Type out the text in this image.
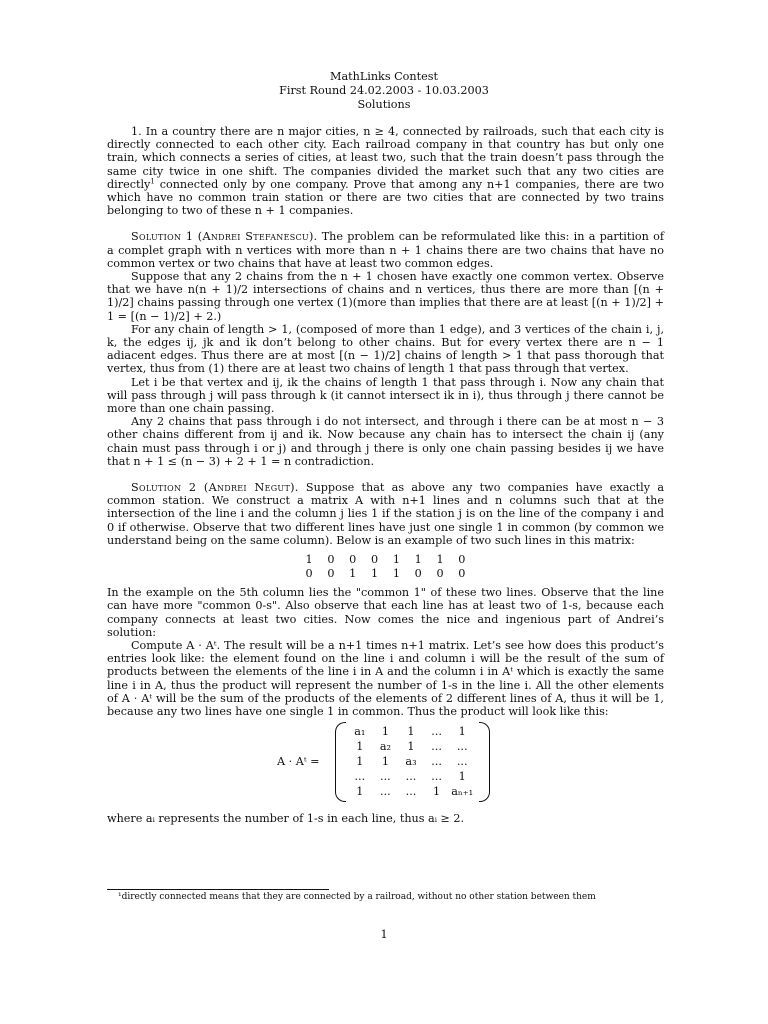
MathLinks Contest
First Round 24.02.2003 - 10.03.2003
Solutions

1. In a country there are n major cities, n ≥ 4, connected by railroads, such that each city is directly connected to each other city. Each railroad company in that country has but only one train, which connects a series of cities, at least two, such that the train doesn’t pass through the same city twice in one shift. The companies divided the market such that any two cities are directly$^1$ connected only by one company. Prove that among any n+1 companies, there are two which have no common train station or there are two cities that are connected by two trains belonging to two of these n + 1 companies.

Solution 1 (Andrei Stefanescu). The problem can be reformulated like this: in a partition of a complet graph with n vertices with more than n + 1 chains there are two chains that have no common vertex or two chains that have at least two common edges.

Suppose that any 2 chains from the n + 1 chosen have exactly one common vertex. Observe that we have n(n + 1)/2 intersections of chains and n vertices, thus there are more than [(n + 1)/2] chains passing through one vertex (1)(more than implies that there are at least [(n + 1)/2] + 1 = [(n − 1)/2] + 2.)

For any chain of length > 1, (composed of more than 1 edge), and 3 vertices of the chain i, j, k, the edges ij, jk and ik don’t belong to other chains. But for every vertex there are n − 1 adiacent edges. Thus there are at most [(n − 1)/2] chains of length > 1 that pass thorough that vertex, thus from (1) there are at least two chains of length 1 that pass through that vertex.

Let i be that vertex and ij, ik the chains of length 1 that pass through i. Now any chain that will pass through j will pass through k (it cannot intersect ik in i), thus through j there cannot be more than one chain passing.

Any 2 chains that pass through i do not intersect, and through i there can be at most n − 3 other chains different from ij and ik. Now because any chain has to intersect the chain ij (any chain must pass through i or j) and through j there is only one chain passing besides ij we have that n + 1 ≤ (n − 3) + 2 + 1 = n contradiction.

Solution 2 (Andrei Negut). Suppose that as above any two companies have exactly a common station. We construct a matrix A with n+1 lines and n columns such that at the intersection of the line i and the column j lies 1 if the station j is on the line of the company i and 0 if otherwise. Observe that two different lines have just one single 1 in common (by common we understand being on the same column). Below is an example of two such lines in this matrix:

1 0 0 0 1 1 1 0
0 0 1 1 1 0 0 0

In the example on the 5th column lies the "common 1" of these two lines. Observe that the line can have more "common 0-s". Also observe that each line has at least two of 1-s, because each company connects at least two cities. Now comes the nice and ingenious part of Andrei’s solution:

Compute A · Aᵗ. The result will be a n+1 times n+1 matrix. Let’s see how does this product’s entries look like: the element found on the line i and column i will be the result of the sum of products between the elements of the line i in A and the column i in Aᵗ which is exactly the same line i in A, thus the product will represent the number of 1-s in the line i. All the other elements of A · Aᵗ will be the sum of the products of the elements of 2 different lines of A, thus it will be 1, because any two lines have one single 1 in common. Thus the product will look like this:

A · Aᵗ =
a₁	1	1	...	1
1	a₂	1	...	...
1	1	a₃	...	...
...	...	...	...	1
1	...	...	1 aₙ₊₁

where aᵢ represents the number of 1-s in each line, thus aᵢ ≥ 2.

¹directly connected means that they are connected by a railroad, without no other station between them
1
